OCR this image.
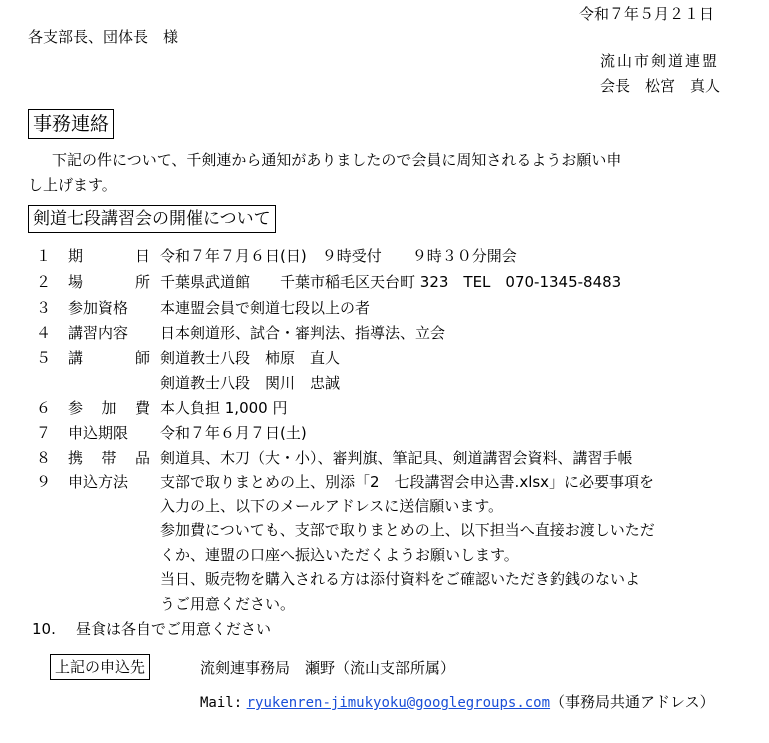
令和７年５月２１日
各支部長、団体長　様
流山市剣道連盟
会長　松宮　真人
事務連絡
下記の件について、千剣連から通知がありましたので会員に周知されるようお願い申
し上げます。
剣道七段講習会の開催について
１ 期	日 令和７年７月６日(日)　９時受付　　９時３０分開会
２ 場	所 千葉県武道館　　千葉市稲毛区天台町 323　TEL　070-1345-8483
３ 参加資格	本連盟会員で剣道七段以上の者
４ 講習内容	日本剣道形、試合・審判法、指導法、立会
５ 講	師 剣道教士八段　柿原　直人
剣道教士八段　関川　忠誠
６ 参 加 費 本人負担 1,000 円
７ 申込期限	令和７年６月７日(土)
８ 携 帯 品 剣道具、木刀（大・小）、審判旗、筆記具、剣道講習会資料、講習手帳
９ 申込方法	支部で取りまとめの上、別添「2　七段講習会申込書.xlsx」に必要事項を
入力の上、以下のメールアドレスに送信願います。
参加費についても、支部で取りまとめの上、以下担当へ直接お渡しいただ
くか、連盟の口座へ振込いただくようお願いします。
当日、販売物を購入される方は添付資料をご確認いただき釣銭のないよ
うご用意ください。
10. 昼食は各自でご用意ください
上記の申込先	流剣連事務局　瀬野（流山支部所属）
Mail: ryukenren-jimukyoku@googlegroups.com（事務局共通アドレス）
